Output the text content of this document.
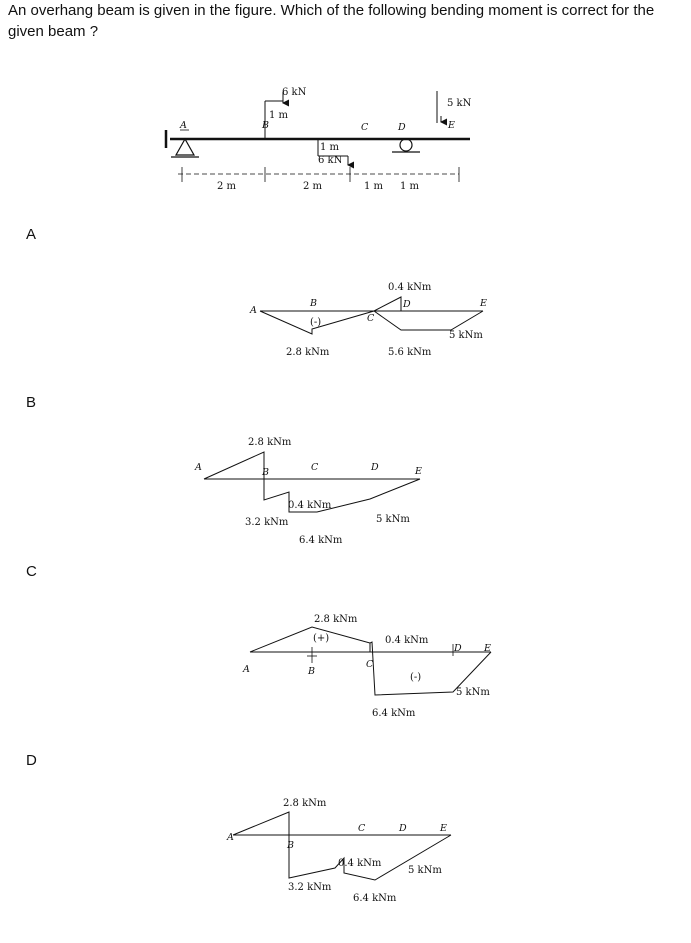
An overhang beam is given in the figure. Which of the following bending moment is correct for the given beam ?
A
B
C
D
6 kN
1 m
B
1 m
6 kN
A	C	D
5 kN
E
2 m	2 m	1 m 1 m
A
B
C
D	E
(-)
0.4 kNm
2.8 kNm	5.6 kNm
5 kNm
A	B	C	D	E
2.8 kNm
0.4 kNm
3.2 kNm
6.4 kNm
5 kNm
A	B
C
D E
2.8 kNm
(+)	0.4 kNm
(-)
6.4 kNm
5 kNm
A
B
C	D	E
2.8 kNm
0.4 kNm
3.2 kNm
6.4 kNm
5 kNm
